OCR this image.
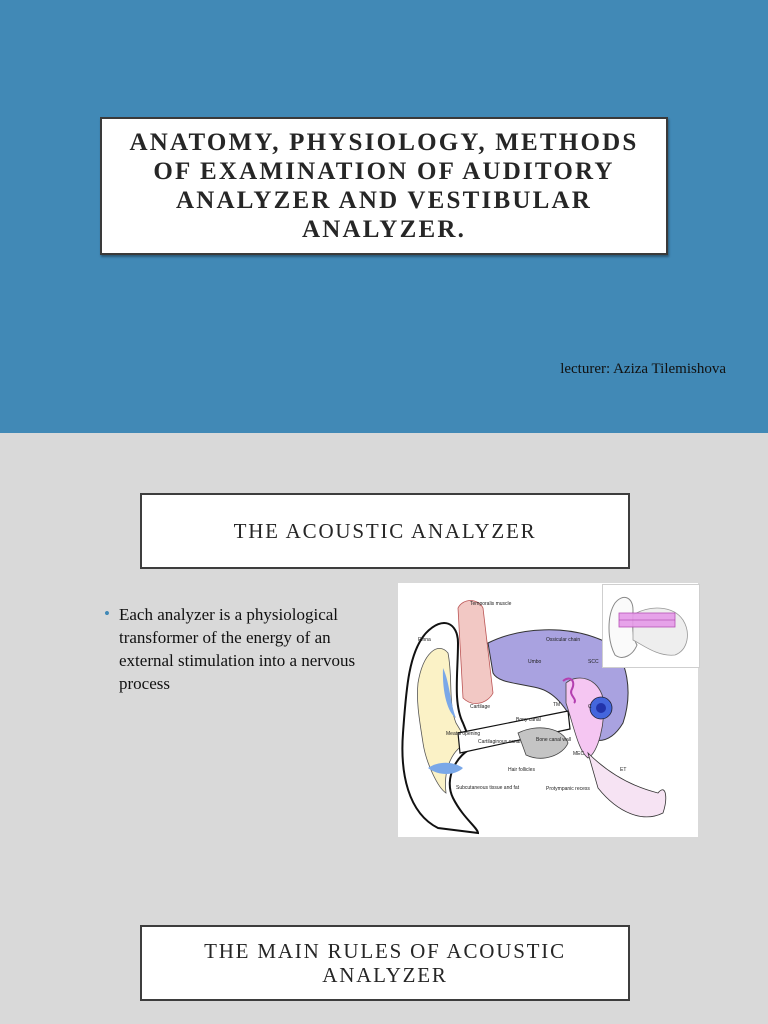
ANATOMY, PHYSIOLOGY, METHODS OF EXAMINATION OF AUDITORY ANALYZER AND VESTIBULAR ANALYZER.
lecturer: Aziza Tilemishova
THE ACOUSTIC ANALYZER
• Each analyzer is a physiological transformer of the energy of an external stimulation into a nervous process
Temporalis muscle
Pinna	Ossicular chain
Umbo	SCC
C
TM
Meatal opening
Cartilaginous canal
Bony canal
Bone canal wall
Hair follicles
MEC
Subcutaneous tissue and fat	Protympanic recess
ET
Cartilage
THE MAIN RULES OF ACOUSTIC ANALYZER
